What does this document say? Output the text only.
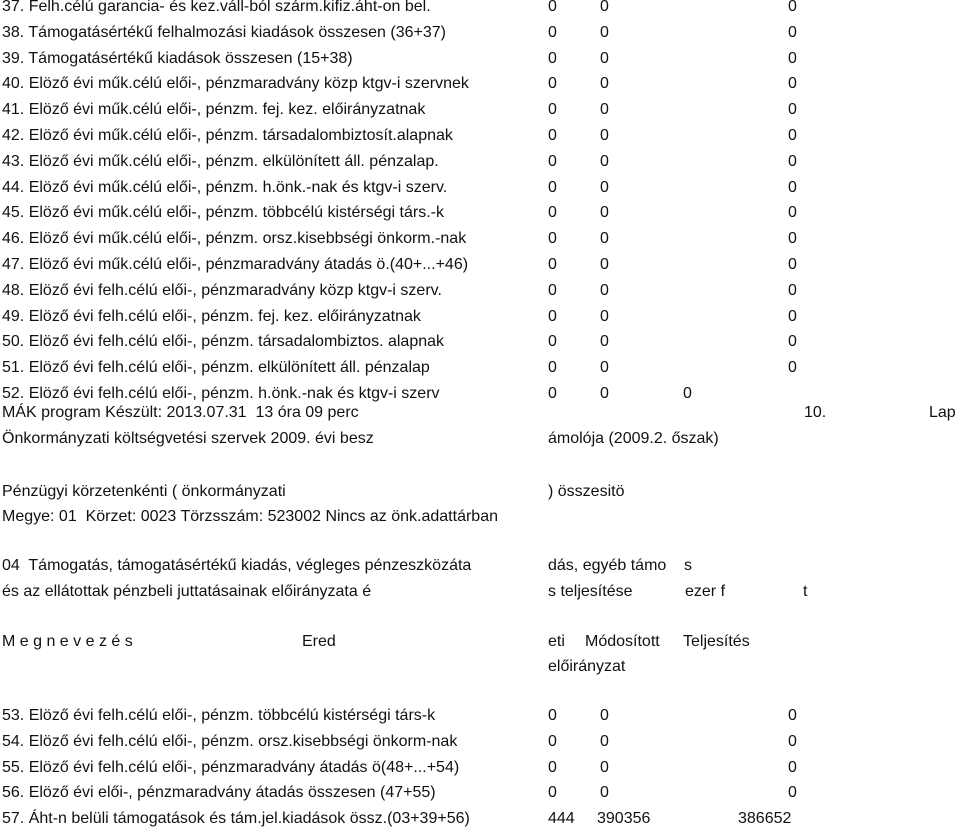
37. Felh.célú garancia- és kez.váll-ból szárm.kifiz.áht-on bel.	0	0	0
38. Támogatásértékű felhalmozási kiadások összesen (36+37)	0	0	0
39. Támogatásértékű kiadások összesen (15+38)	0	0	0
40. Elöző évi műk.célú elői-, pénzmaradvány közp ktgv-i szervnek	0	0	0
41. Elöző évi műk.célú elői-, pénzm. fej. kez. előirányzatnak	0	0	0
42. Elöző évi műk.célú elői-, pénzm. társadalombiztosít.alapnak	0	0	0
43. Elöző évi műk.célú elői-, pénzm. elkülönített áll. pénzalap.	0	0	0
44. Elöző évi műk.célú elői-, pénzm. h.önk.-nak és ktgv-i szerv.	0	0	0
45. Elöző évi műk.célú elői-, pénzm. többcélú kistérségi társ.-k	0	0	0
46. Elöző évi műk.célú elői-, pénzm. orsz.kisebbségi önkorm.-nak	0	0	0
47. Elöző évi műk.célú elői-, pénzmaradvány átadás ö.(40+...+46)	0	0	0
48. Elöző évi felh.célú elői-, pénzmaradvány közp ktgv-i szerv.	0	0	0
49. Elöző évi felh.célú elői-, pénzm. fej. kez. előirányzatnak	0	0	0
50. Elöző évi felh.célú elői-, pénzm. társadalombiztos. alapnak	0	0	0
51. Elöző évi felh.célú elői-, pénzm. elkülönített áll. pénzalap	0	0	0
52. Elöző évi felh.célú elői-, pénzm. h.önk.-nak és ktgv-i szerv	0	0	0
MÁK program Készült: 2013.07.31  13 óra 09 perc	10.	Lap
Önkormányzati költségvetési szervek 2009. évi besz	ámolója (2009.2. őszak)
Pénzügyi körzetenkénti ( önkormányzati	) összesitö
Megye: 01  Körzet: 0023 Törzsszám: 523002 Nincs az önk.adattárban
04  Támogatás, támogatásértékű kiadás, végleges pénzeszközáta	dás, egyéb támo s
és az ellátottak pénzbeli juttatásainak előirányzata é	s teljesítése	ezer f	t
M e g n e v e z é s	Ered	eti Módosított Teljesítés
előirányzat
53. Elöző évi felh.célú elői-, pénzm. többcélú kistérségi társ-k	0	0	0
54. Elöző évi felh.célú elői-, pénzm. orsz.kisebbségi önkorm-nak	0	0	0
55. Elöző évi felh.célú elői-, pénzmaradvány átadás ö(48+...+54)	0	0	0
56. Elöző évi elői-, pénzmaradvány átadás összesen (47+55)	0	0	0
57. Áht-n belüli támogatások és tám.jel.kiadások össz.(03+39+56)	444 390356	386652
